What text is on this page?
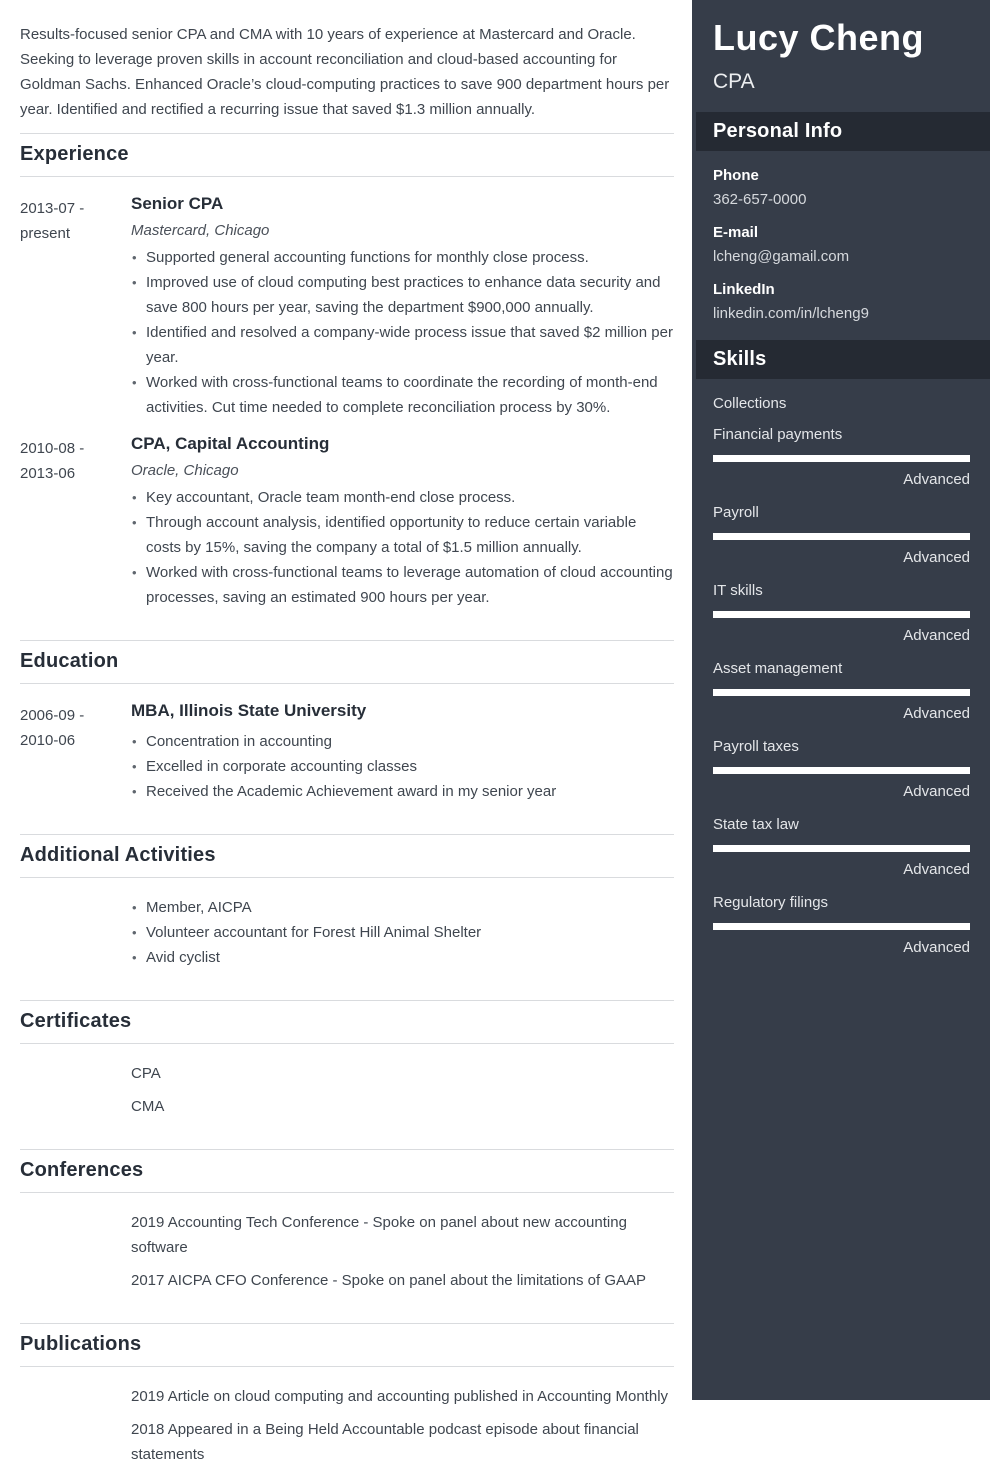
Results-focused senior CPA and CMA with 10 years of experience at Mastercard and Oracle. Seeking to leverage proven skills in account reconciliation and cloud-based accounting for Goldman Sachs. Enhanced Oracle’s cloud-computing practices to save 900 department hours per year. Identified and rectified a recurring issue that saved $1.3 million annually.

Experience
2013-07 -
present
Senior CPA
Mastercard, Chicago
• Supported general accounting functions for monthly close process.
• Improved use of cloud computing best practices to enhance data security and save 800 hours per year, saving the department $900,000 annually.
• Identified and resolved a company-wide process issue that saved $2 million per year.
• Worked with cross-functional teams to coordinate the recording of month-end activities. Cut time needed to complete reconciliation process by 30%.
2010-08 -
2013-06
CPA, Capital Accounting
Oracle, Chicago
• Key accountant, Oracle team month-end close process.
• Through account analysis, identified opportunity to reduce certain variable costs by 15%, saving the company a total of $1.5 million annually.
• Worked with cross-functional teams to leverage automation of cloud accounting processes, saving an estimated 900 hours per year.
Education
2006-09 -
2010-06
MBA, Illinois State University
• Concentration in accounting
• Excelled in corporate accounting classes
• Received the Academic Achievement award in my senior year
Additional Activities
• Member, AICPA
• Volunteer accountant for Forest Hill Animal Shelter
• Avid cyclist
Certificates

CPA

CMA

Conferences

2019 Accounting Tech Conference - Spoke on panel about new accounting software

2017 AICPA CFO Conference - Spoke on panel about the limitations of GAAP

Publications

2019 Article on cloud computing and accounting published in Accounting Monthly

2018 Appeared in a Being Held Accountable podcast episode about financial statements

Lucy Cheng
CPA
Personal Info
Phone
362-657-0000
E-mail
lcheng@gamail.com
LinkedIn
linkedin.com/in/lcheng9
Skills
Collections
Financial payments
Advanced
Payroll
Advanced
IT skills
Advanced
Asset management
Advanced
Payroll taxes
Advanced
State tax law
Advanced
Regulatory filings
Advanced
